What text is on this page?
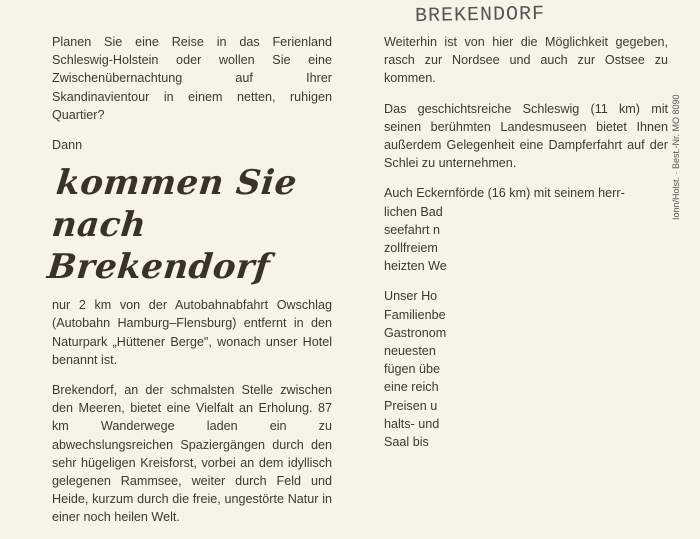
BREKENDORF

Planen Sie eine Reise in das Ferienland Schleswig-Holstein oder wollen Sie eine Zwischenübernachtung auf Ihrer Skandinavientour in einem netten, ruhigen Quartier?

Dann

kommen Sie
nach Brekendorf

nur 2 km von der Autobahnabfahrt Owschlag (Autobahn Hamburg–Flensburg) entfernt in den Naturpark „Hüttener Berge", wonach unser Hotel benannt ist.

Brekendorf, an der schmalsten Stelle zwischen den Meeren, bietet eine Vielfalt an Erholung. 87 km Wanderwege laden ein zu abwechslungsreichen Spaziergängen durch den sehr hügeligen Kreisforst, vorbei an dem idyllisch gelegenen Rammsee, weiter durch Feld und Heide, kurzum durch die freie, ungestörte Natur in einer noch heilen Welt.

Weiterhin ist von hier die Möglichkeit gegeben, rasch zur Nordsee und auch zur Ostsee zu kommen.

Das geschichtsreiche Schleswig (11 km) mit seinen berühmten Landesmuseen bietet Ihnen außerdem Gelegenheit eine Dampferfahrt auf der Schlei zu unternehmen.

Auch Eckernförde (16 km) mit seinem herr-
lichen Bad
seefahrt n
zollfreiem
heizten We
Unser Ho
Familienbe
Gastronom
neuesten
fügen übe
eine reich
Preisen u
halts- und
Saal bis
Ionn/Holst. · Best.-Nr. MO 8090
